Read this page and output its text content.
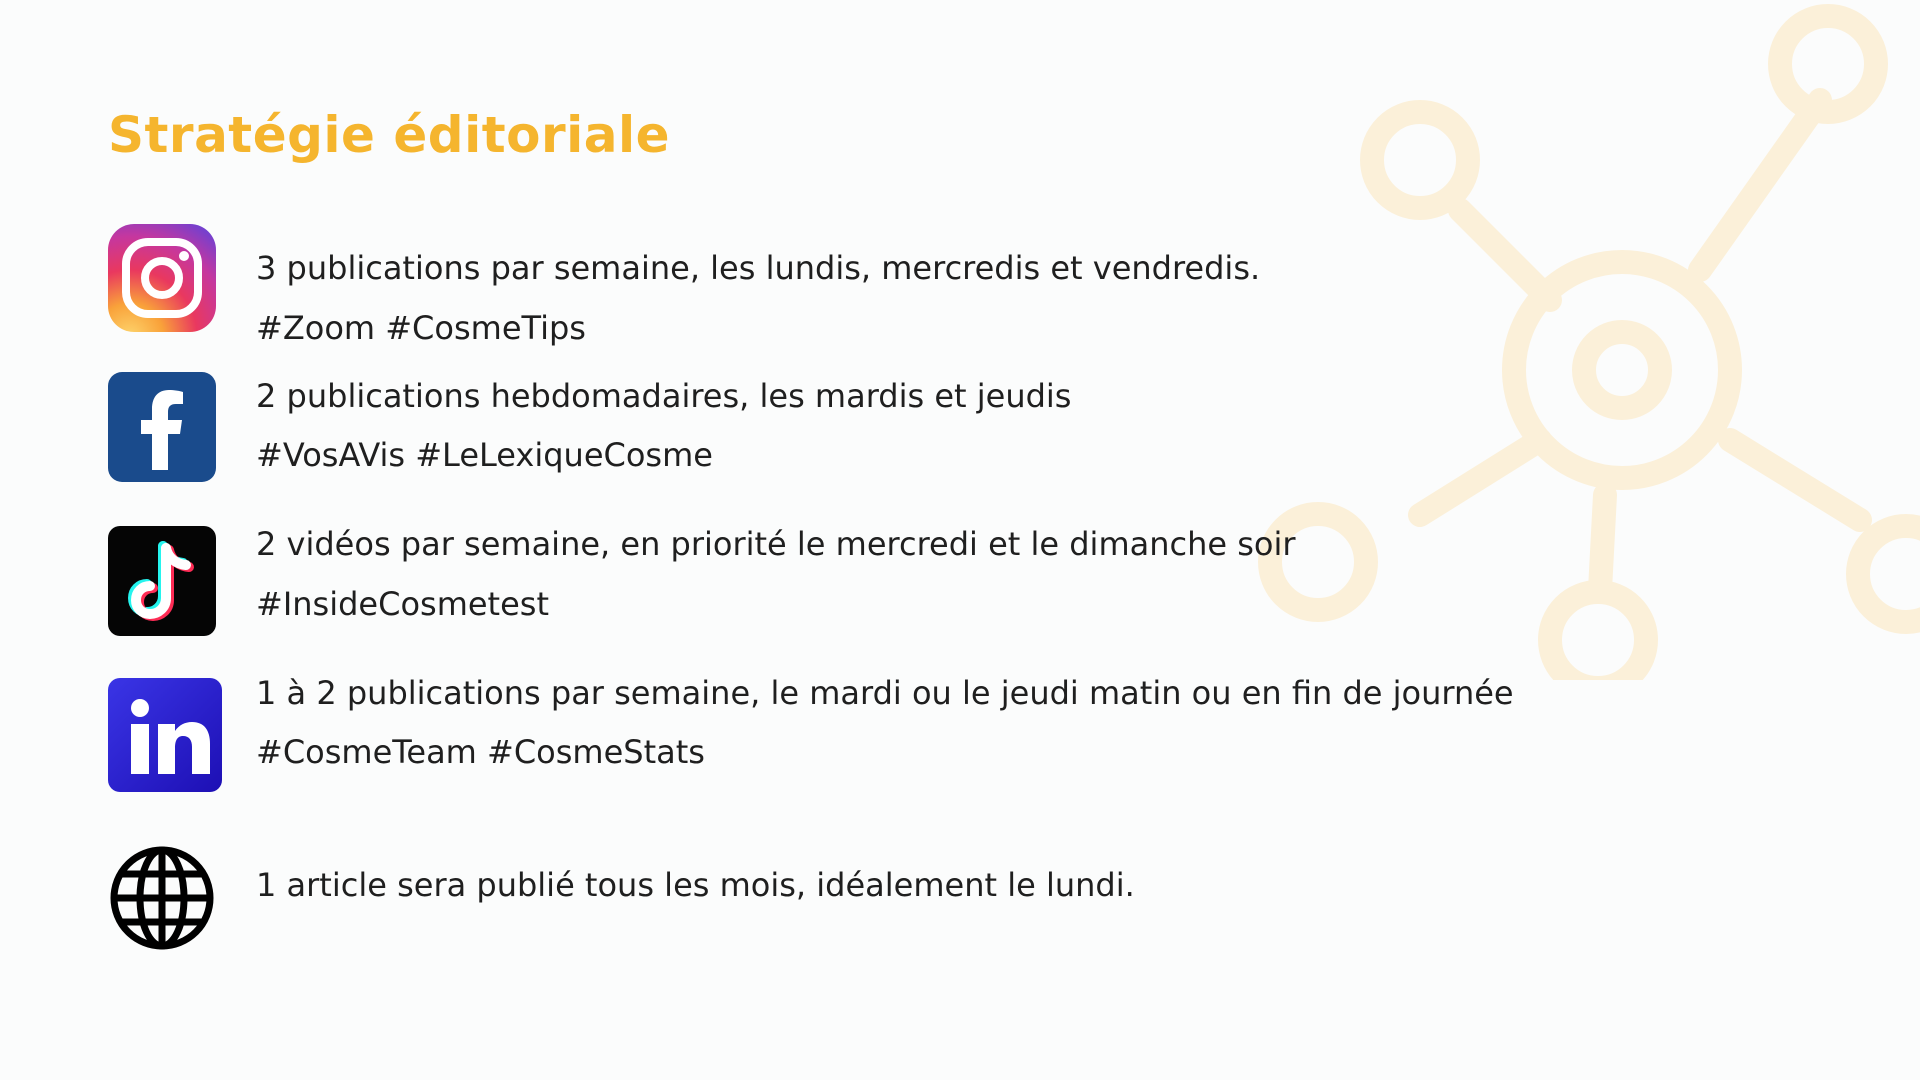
Stratégie éditoriale

3 publications par semaine, les lundis, mercredis et vendredis.

#Zoom #CosmeTips

2 publications hebdomadaires, les mardis et jeudis

#VosAVis #LeLexiqueCosme

2 vidéos par semaine, en priorité le mercredi et le dimanche soir

#InsideCosmetest

1 à 2 publications par semaine, le mardi ou le jeudi matin ou en fin de journée

#CosmeTeam #CosmeStats

1 article sera publié tous les mois, idéalement le lundi.
